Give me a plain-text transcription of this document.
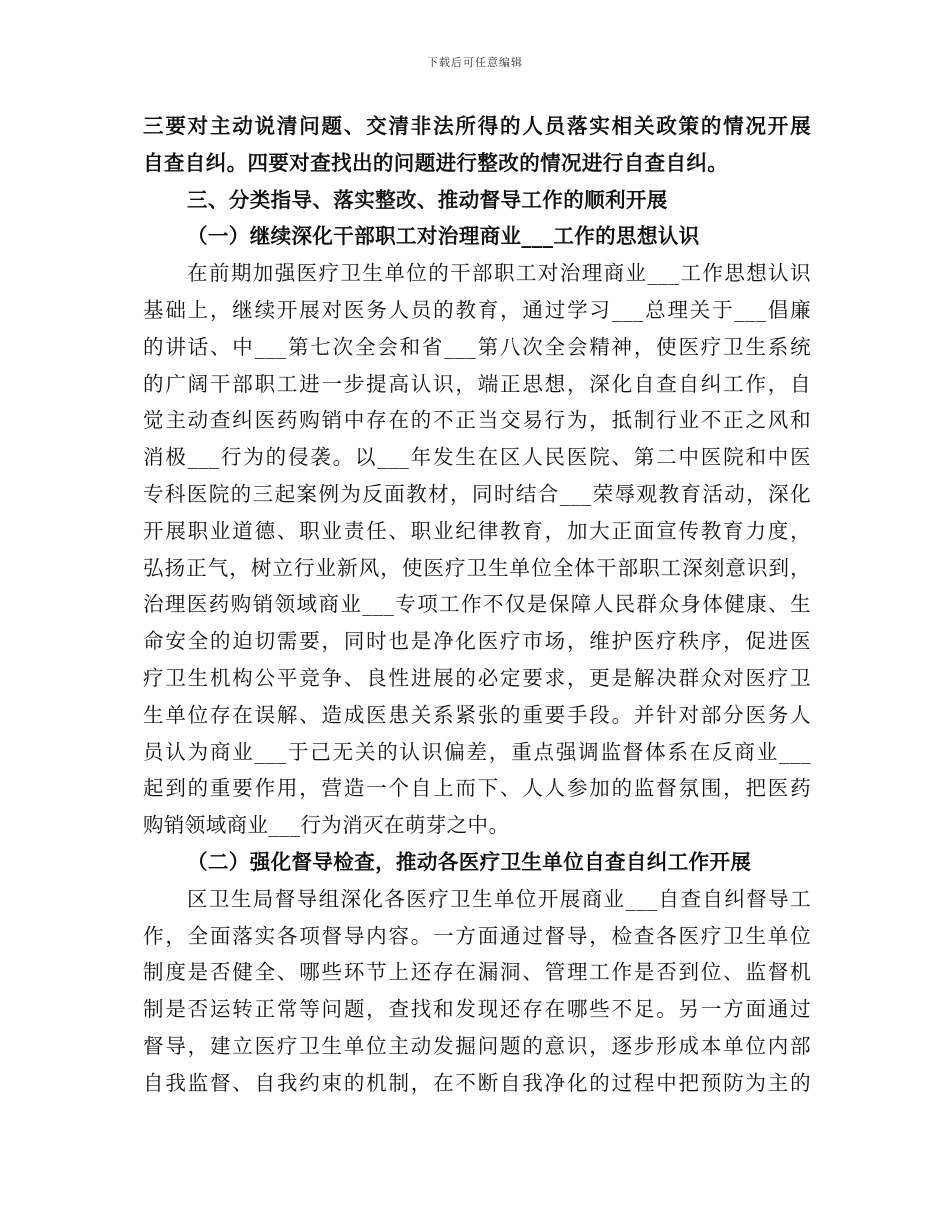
下载后可任意编辑
三要对主动说清问题、交清非法所得的人员落实相关政策的情况开展
自查自纠。四要对查找出的问题进行整改的情况进行自查自纠。
三、分类指导、落实整改、推动督导工作的顺利开展
（一）继续深化干部职工对治理商业___工作的思想认识
在前期加强医疗卫生单位的干部职工对治理商业___工作思想认识
基础上，继续开展对医务人员的教育，通过学习___总理关于___倡廉
的讲话、中___第七次全会和省___第八次全会精神，使医疗卫生系统
的广阔干部职工进一步提高认识，端正思想，深化自查自纠工作，自
觉主动查纠医药购销中存在的不正当交易行为，抵制行业不正之风和
消极___行为的侵袭。以___年发生在区人民医院、第二中医院和中医
专科医院的三起案例为反面教材，同时结合___荣辱观教育活动，深化
开展职业道德、职业责任、职业纪律教育，加大正面宣传教育力度，
弘扬正气，树立行业新风，使医疗卫生单位全体干部职工深刻意识到，
治理医药购销领域商业___专项工作不仅是保障人民群众身体健康、生
命安全的迫切需要，同时也是净化医疗市场，维护医疗秩序，促进医
疗卫生机构公平竞争、良性进展的必定要求，更是解决群众对医疗卫
生单位存在误解、造成医患关系紧张的重要手段。并针对部分医务人
员认为商业___于己无关的认识偏差，重点强调监督体系在反商业___
起到的重要作用，营造一个自上而下、人人参加的监督氛围，把医药
购销领域商业___行为消灭在萌芽之中。
（二）强化督导检查，推动各医疗卫生单位自查自纠工作开展
区卫生局督导组深化各医疗卫生单位开展商业___自查自纠督导工
作，全面落实各项督导内容。一方面通过督导，检查各医疗卫生单位
制度是否健全、哪些环节上还存在漏洞、管理工作是否到位、监督机
制是否运转正常等问题，查找和发现还存在哪些不足。另一方面通过
督导，建立医疗卫生单位主动发掘问题的意识，逐步形成本单位内部
自我监督、自我约束的机制，在不断自我净化的过程中把预防为主的
